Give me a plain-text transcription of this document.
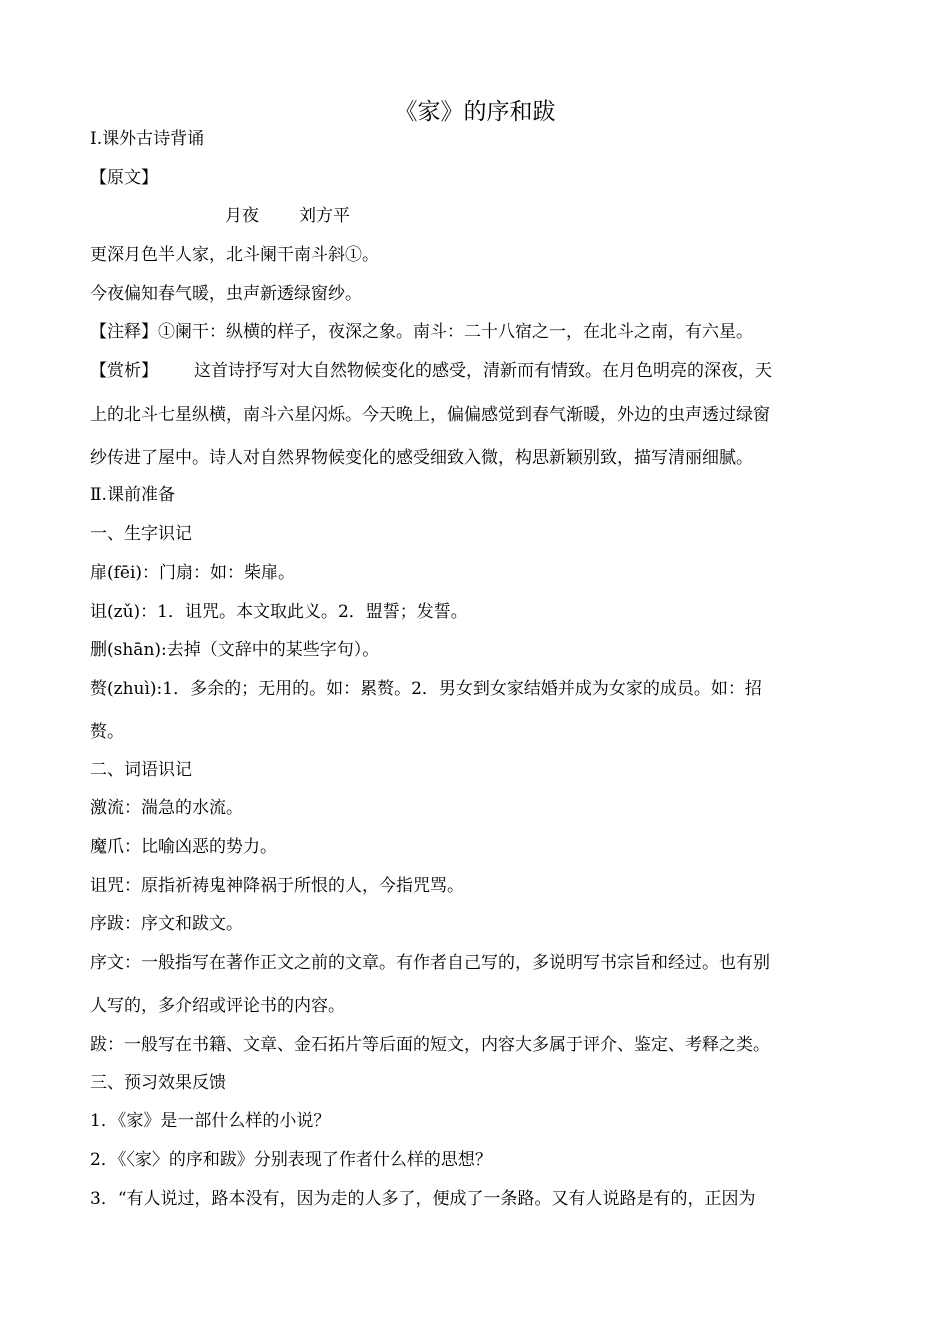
《家》的序和跋
Ⅰ.课外古诗背诵
【原文】
月夜 刘方平
更深月色半人家，北斗阑干南斗斜①。
今夜偏知春气暖，虫声新透绿窗纱。
【注释】①阑干：纵横的样子，夜深之象。南斗：二十八宿之一，在北斗之南，有六星。
【赏析】 这首诗抒写对大自然物候变化的感受，清新而有情致。在月色明亮的深夜，天
上的北斗七星纵横，南斗六星闪烁。今天晚上，偏偏感觉到春气渐暖，外边的虫声透过绿窗
纱传进了屋中。诗人对自然界物候变化的感受细致入微，构思新颖别致，描写清丽细腻。
Ⅱ.课前准备
一、生字识记
扉(fēi)：门扇：如：柴扉。
诅(zǔ)：1．诅咒。本文取此义。2．盟誓；发誓。
删(shān):去掉（文辞中的某些字句）。
赘(zhuì):1．多余的；无用的。如：累赘。2．男女到女家结婚并成为女家的成员。如：招
赘。
二、词语识记
激流：湍急的水流。
魔爪：比喻凶恶的势力。
诅咒：原指祈祷鬼神降祸于所恨的人，今指咒骂。
序跋：序文和跋文。
序文：一般指写在著作正文之前的文章。有作者自己写的，多说明写书宗旨和经过。也有别
人写的，多介绍或评论书的内容。
跋：一般写在书籍、文章、金石拓片等后面的短文，内容大多属于评介、鉴定、考释之类。
三、预习效果反馈
1．《家》是一部什么样的小说？
2．《〈家〉的序和跋》分别表现了作者什么样的思想？
3．“有人说过，路本没有，因为走的人多了，便成了一条路。又有人说路是有的，正因为
